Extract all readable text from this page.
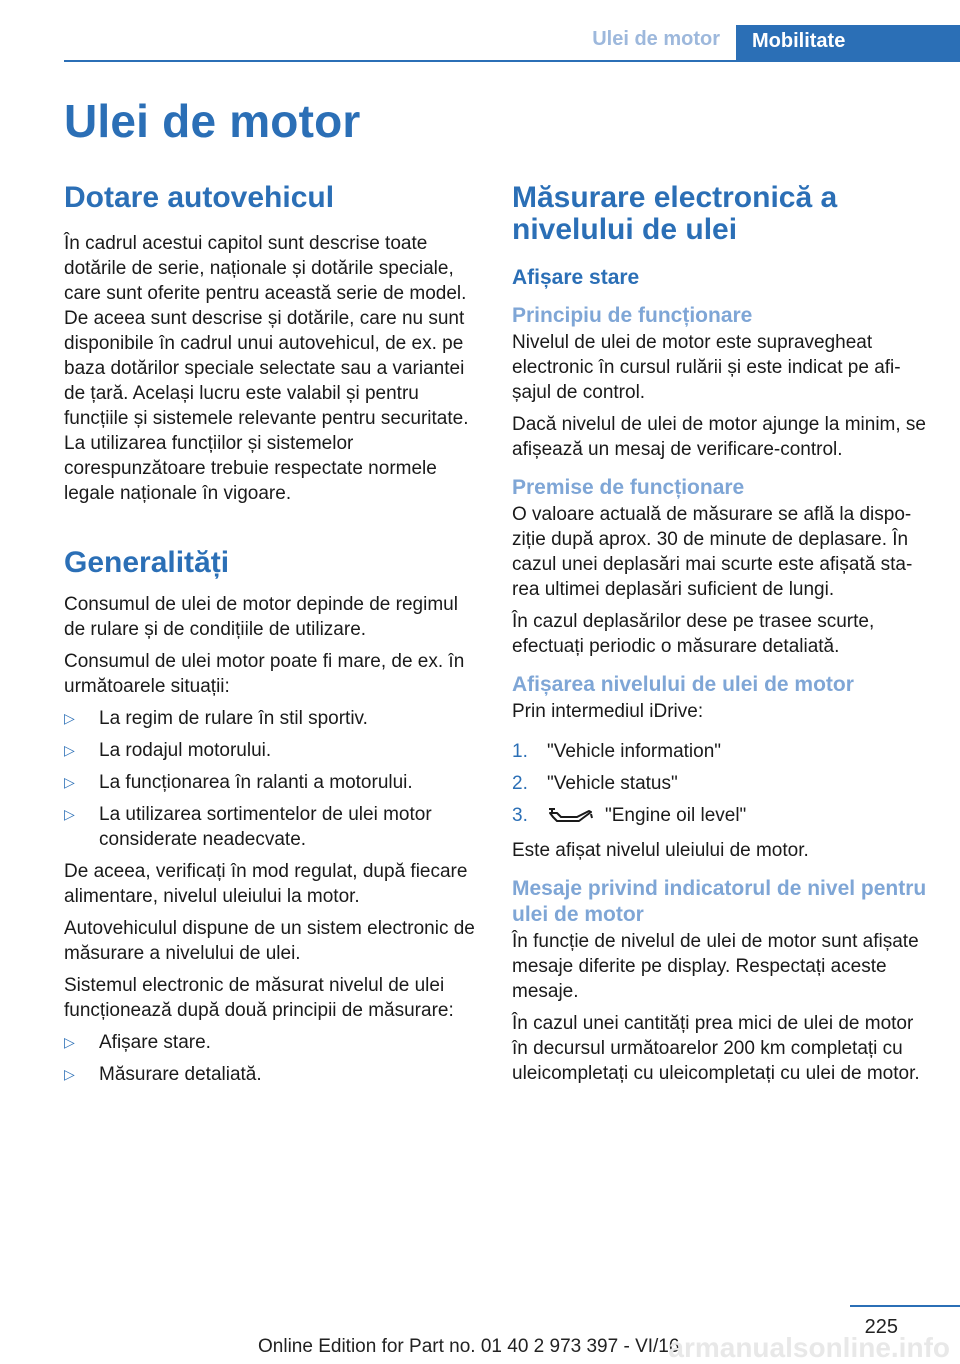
Ulei de motor	Mobilitate
Ulei de motor
Dotare autovehicul

În cadrul acestui capitol sunt descrise toate dotările de serie, naționale și dotările speciale, care sunt oferite pentru această serie de model. De aceea sunt descrise și dotările, care nu sunt disponibile în cadrul unui autovehicul, de ex. pe baza dotărilor speciale selectate sau a variantei de țară. Același lucru este valabil și pentru funcțiile și sistemele relevante pentru securitate. La utilizarea funcțiilor și sistemelor corespunzătoare trebuie respectate normele legale naționale în vigoare.

Generalități

Consumul de ulei de motor depinde de regimul de rulare și de condițiile de utilizare.

Consumul de ulei motor poate fi mare, de ex. în următoarele situații:

▷ La regim de rulare în stil sportiv.
▷ La rodajul motorului.
▷ La funcționarea în ralanti a motorului.
▷ La utilizarea sortimentelor de ulei motor considerate neadecvate.

De aceea, verificați în mod regulat, după fiecare alimentare, nivelul uleiului la motor.

Autovehiculul dispune de un sistem electronic de măsurare a nivelului de ulei.

Sistemul electronic de măsurat nivelul de ulei funcționează după două principii de măsurare:

▷ Afișare stare.
▷ Măsurare detaliată.
Măsurare electronică a nivelului de ulei
Afișare stare
Principiu de funcționare

Nivelul de ulei de motor este supravegheat electronic în cursul rulării și este indicat pe afișajul de control.

Dacă nivelul de ulei de motor ajunge la minim, se afișează un mesaj de verificare-control.

Premise de funcționare

O valoare actuală de măsurare se află la dispoziție după aprox. 30 de minute de deplasare. În cazul unei deplasări mai scurte este afișată starea ultimei deplasări suficient de lungi.

În cazul deplasărilor dese pe trasee scurte, efectuați periodic o măsurare detaliată.

Afișarea nivelului de ulei de motor

Prin intermediul iDrive:

1. "Vehicle information"
2. "Vehicle status"
3.	"Engine oil level"

Este afișat nivelul uleiului de motor.

Mesaje privind indicatorul de nivel pentru ulei de motor

În funcție de nivelul de ulei de motor sunt afișate mesaje diferite pe display. Respectați aceste mesaje.

În cazul unei cantități prea mici de ulei de motor în decursul următoarelor 200 km completați cu uleicompletați cu uleicompletați cu ulei de motor.

225
Online Edition for Part no. 01 40 2 973 397 - VI/16
armanualsonline.info
